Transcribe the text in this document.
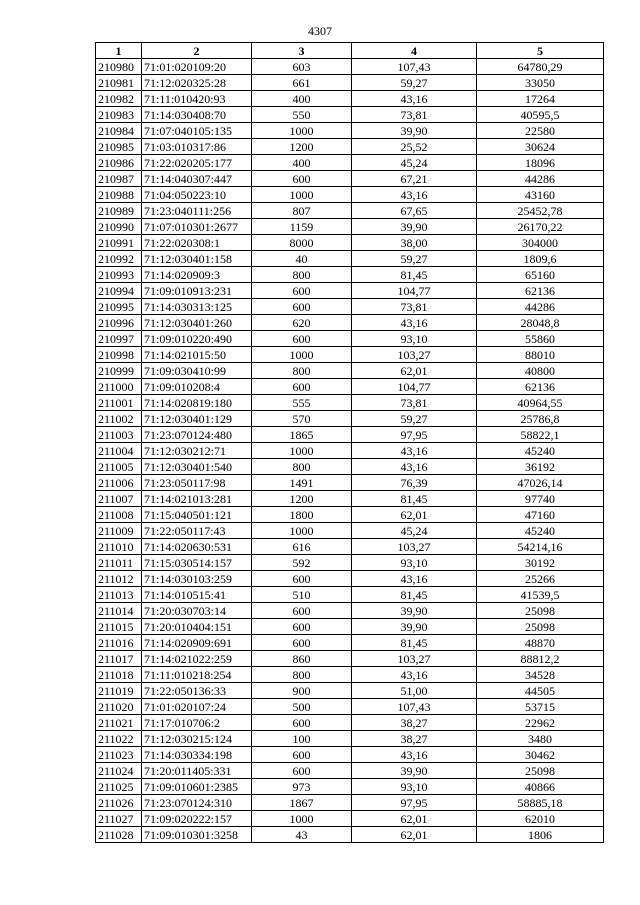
4307
1	2	3	4	5
210980	71:01:020109:20	603	107,43	64780,29
210981	71:12:020325:28	661	59,27	33050
210982	71:11:010420:93	400	43,16	17264
210983	71:14:030408:70	550	73,81	40595,5
210984	71:07:040105:135	1000	39,90	22580
210985	71:03:010317:86	1200	25,52	30624
210986	71:22:020205:177	400	45,24	18096
210987	71:14:040307:447	600	67,21	44286
210988	71:04:050223:10	1000	43,16	43160
210989	71:23:040111:256	807	67,65	25452,78
210990	71:07:010301:2677	1159	39,90	26170,22
210991	71:22:020308:1	8000	38,00	304000
210992	71:12:030401:158	40	59,27	1809,6
210993	71:14:020909:3	800	81,45	65160
210994	71:09:010913:231	600	104,77	62136
210995	71:14:030313:125	600	73,81	44286
210996	71:12:030401:260	620	43,16	28048,8
210997	71:09:010220:490	600	93,10	55860
210998	71:14:021015:50	1000	103,27	88010
210999	71:09:030410:99	800	62,01	40800
211000	71:09:010208:4	600	104,77	62136
211001	71:14:020819:180	555	73,81	40964,55
211002	71:12:030401:129	570	59,27	25786,8
211003	71:23:070124:480	1865	97,95	58822,1
211004	71:12:030212:71	1000	43,16	45240
211005	71:12:030401:540	800	43,16	36192
211006	71:23:050117:98	1491	76,39	47026,14
211007	71:14:021013:281	1200	81,45	97740
211008	71:15:040501:121	1800	62,01	47160
211009	71:22:050117:43	1000	45,24	45240
211010	71:14:020630:531	616	103,27	54214,16
211011	71:15:030514:157	592	93,10	30192
211012	71:14:030103:259	600	43,16	25266
211013	71:14:010515:41	510	81,45	41539,5
211014	71:20:030703:14	600	39,90	25098
211015	71:20:010404:151	600	39,90	25098
211016	71:14:020909:691	600	81,45	48870
211017	71:14:021022:259	860	103,27	88812,2
211018	71:11:010218:254	800	43,16	34528
211019	71:22:050136:33	900	51,00	44505
211020	71:01:020107:24	500	107,43	53715
211021	71:17:010706:2	600	38,27	22962
211022	71:12:030215:124	100	38,27	3480
211023	71:14:030334:198	600	43,16	30462
211024	71:20:011405:331	600	39,90	25098
211025	71:09:010601:2385	973	93,10	40866
211026	71:23:070124:310	1867	97,95	58885,18
211027	71:09:020222:157	1000	62,01	62010
211028	71:09:010301:3258	43	62,01	1806
